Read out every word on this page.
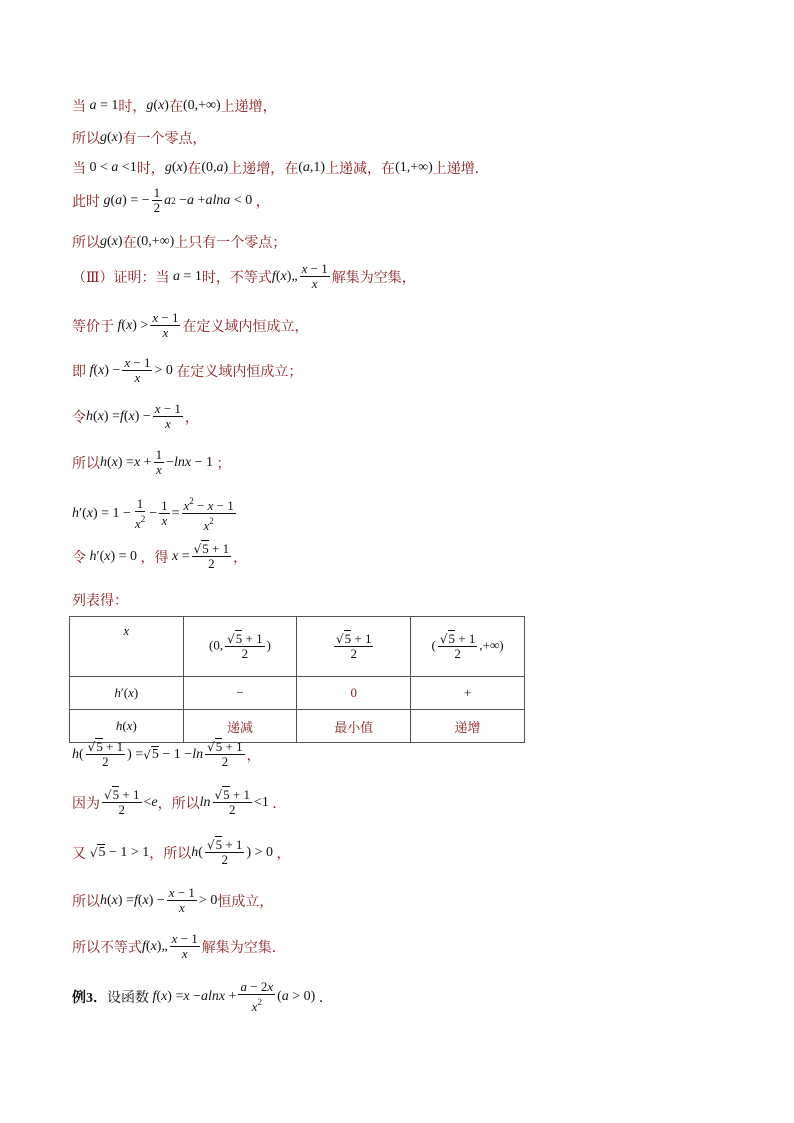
当 a = 1 时， g ( x ) 在 (0,+∞) 上递增，
所以 g ( x ) 有一个零点，
当 0 < a <1 时， g ( x ) 在 (0, a ) 上递增，在 ( a ,1) 上递减，在 (1,+∞) 上递增．
此时 g ( a ) = − $\frac{1}{2}$ a 2 − a + alna < 0 ，
所以 g ( x ) 在 (0,+∞) 上只有一个零点；
（Ⅲ）证明：当 a = 1 时，不等式 f ( x )„ $\frac{x - 1}{x}$ 解集为空集，
等价于 f ( x ) > $\frac{x - 1}{x}$ 在定义域内恒成立，
即 f ( x ) − $\frac{x - 1}{x} > 0$ 在定义域内恒成立；
令 h ( x ) = f ( x ) − $\frac{x - 1}{x}$ ，
所以 h ( x ) = $x + \frac{1}{x} - \ln x - 1$ ；
h ′( x ) = $1 - \frac{1}{x^2} - \frac{1}{x} = \frac{x^2 - x - 1}{x^2}$
令 h ′( x ) = 0 ，得 $x = \frac{√5 + 1}{2}$ ，
列表得：
x	(0, $\frac{√5 + 1}{2}$ )	$\frac{√5 + 1}{2}$	( $\frac{√5 + 1}{2}$ ,+∞)
h′(x)	−	0	+
h(x)	递减	最小值	递增
h ( $\frac{√5 + 1}{2}$ ) = √ $5 - 1 - \ln \frac{√5 + 1}{2}$ ，
因为 $\frac{√5 + 1}{2} < e$ ，所以 $\ln \frac{√5 + 1}{2} <1$ ．
又 √ 5 − 1 > 1 ，所以 h ( $\frac{√5 + 1}{2}$ ) > 0 ，
所以 h ( x ) = f ( x ) − $\frac{x - 1}{x} > 0$ 恒成立，
所以不等式 f ( x )„ $\frac{x - 1}{x}$ 解集为空集．
例3． 设函数 f ( x ) = $x - alnx + \frac{a - 2x}{x^2}$ ( a > 0) ．
